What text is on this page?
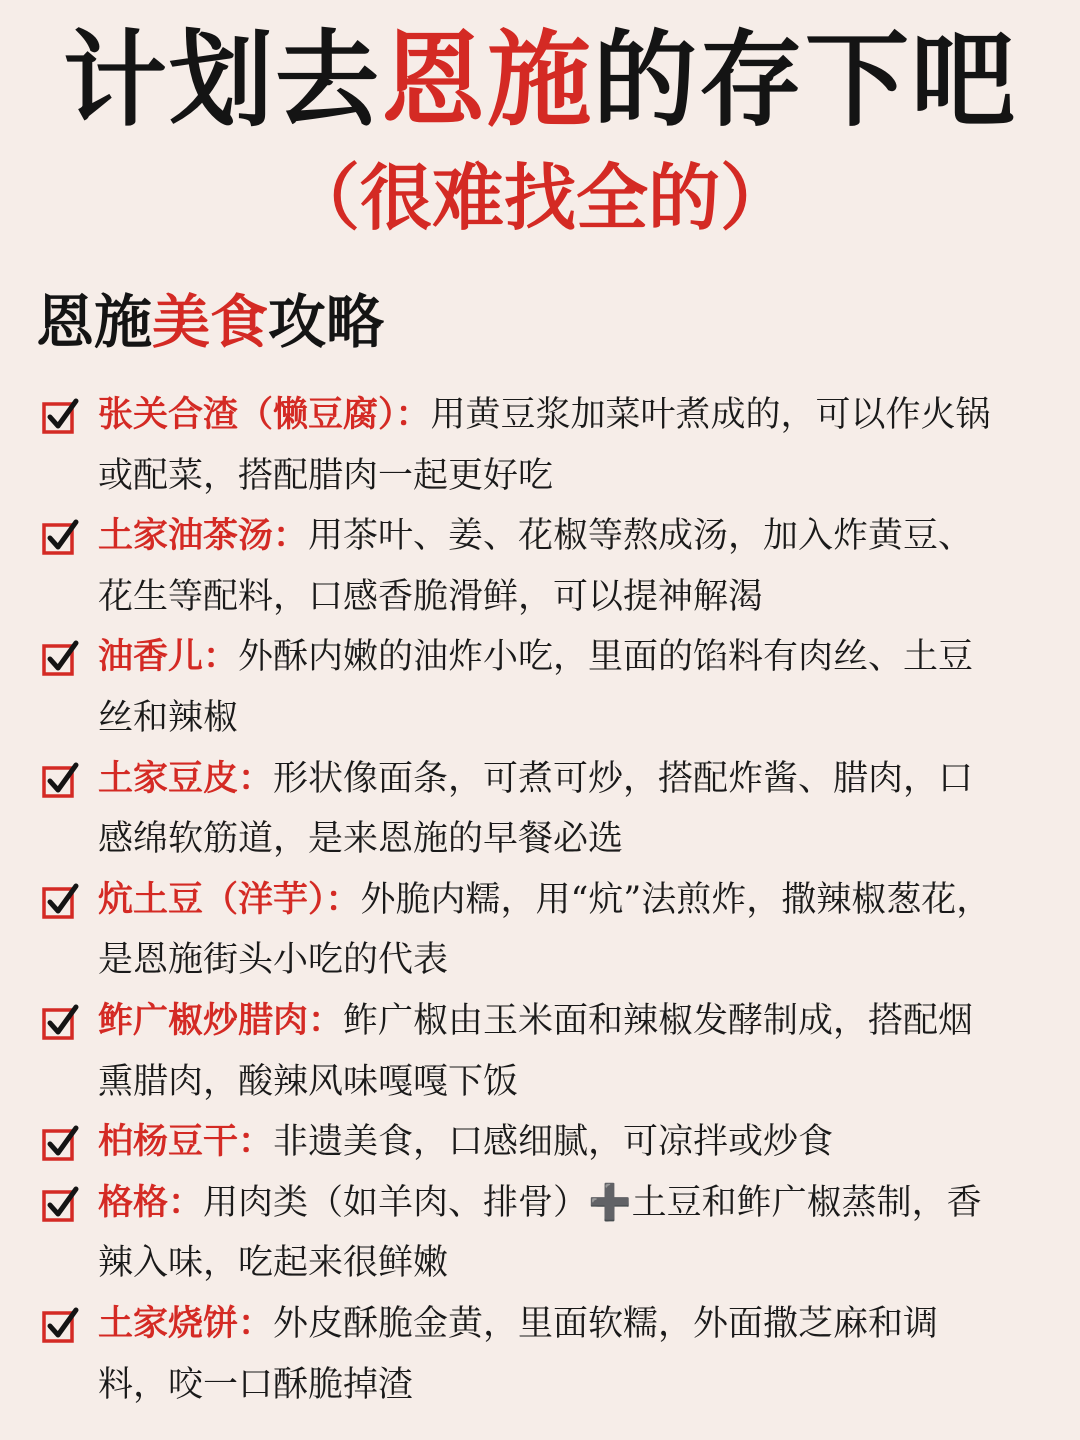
计划去恩施的存下吧
（很难找全的）
恩施美食攻略
张关合渣（懒豆腐）：用黄豆浆加菜叶煮成的，可以作火锅或配菜，搭配腊肉一起更好吃
土家油茶汤：用茶叶、姜、花椒等熬成汤，加入炸黄豆、花生等配料，口感香脆滑鲜，可以提神解渴
油香儿：外酥内嫩的油炸小吃，里面的馅料有肉丝、土豆丝和辣椒
土家豆皮：形状像面条，可煮可炒，搭配炸酱、腊肉，口感绵软筋道，是来恩施的早餐必选
炕土豆（洋芋）：外脆内糯，用“炕”法煎炸，撒辣椒葱花，是恩施街头小吃的代表
鲊广椒炒腊肉：鲊广椒由玉米面和辣椒发酵制成，搭配烟熏腊肉，酸辣风味嘎嘎下饭
柏杨豆干：非遗美食，口感细腻，可凉拌或炒食
格格：用肉类（如羊肉、排骨）➕土豆和鲊广椒蒸制，香辣入味，吃起来很鲜嫩
土家烧饼：外皮酥脆金黄，里面软糯，外面撒芝麻和调料，咬一口酥脆掉渣
